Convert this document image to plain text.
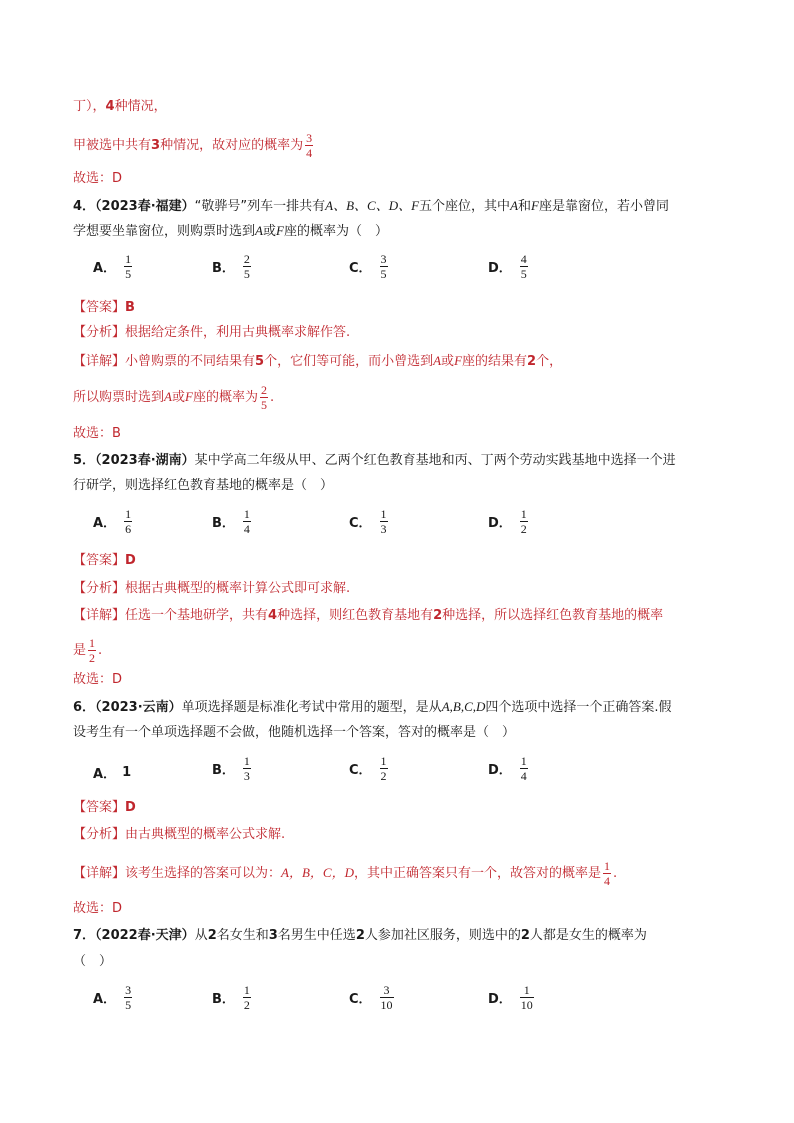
丁），4种情况，
甲被选中共有3种情况，故对应的概率为 $\frac{3}{4}$
故选：D
4．（2023春·福建）“敬骅号”列车一排共有A、B、C、D、F五个座位，其中A和F座是靠窗位，若小曾同
学想要坐靠窗位，则购票时选到A或F座的概率为（　）
A． $\frac{1}{5}$	B． $\frac{2}{5}$	C． $\frac{3}{5}$	D． $\frac{4}{5}$
【答案】B
【分析】根据给定条件，利用古典概率求解作答.
【详解】小曾购票的不同结果有5个，它们等可能，而小曾选到A或F座的结果有2个，
所以购票时选到A或F座的概率为 $\frac{2}{5}$ .
故选：B
5．（2023春·湖南）某中学高二年级从甲、乙两个红色教育基地和丙、丁两个劳动实践基地中选择一个进
行研学，则选择红色教育基地的概率是（　）
A． $\frac{1}{6}$	B． $\frac{1}{4}$	C． $\frac{1}{3}$	D． $\frac{1}{2}$
【答案】D
【分析】根据古典概型的概率计算公式即可求解.
【详解】任选一个基地研学，共有4种选择，则红色教育基地有2种选择，所以选择红色教育基地的概率
是 $\frac{1}{2}$ .
故选：D
6．（2023·云南）单项选择题是标准化考试中常用的题型，是从A,B,C,D四个选项中选择一个正确答案.假
设考生有一个单项选择题不会做，他随机选择一个答案，答对的概率是（　）
A． 1	B． $\frac{1}{3}$	C． $\frac{1}{2}$	D． $\frac{1}{4}$
【答案】D
【分析】由古典概型的概率公式求解.
【详解】该考生选择的答案可以为：A，B，C，D，其中正确答案只有一个，故答对的概率是 $\frac{1}{4}$ .
故选：D
7．（2022春·天津）从2名女生和3名男生中任选2人参加社区服务，则选中的2人都是女生的概率为
（　）
A． $\frac{3}{5}$	B． $\frac{1}{2}$	C． $\frac{3}{10}$	D． $\frac{1}{10}$
